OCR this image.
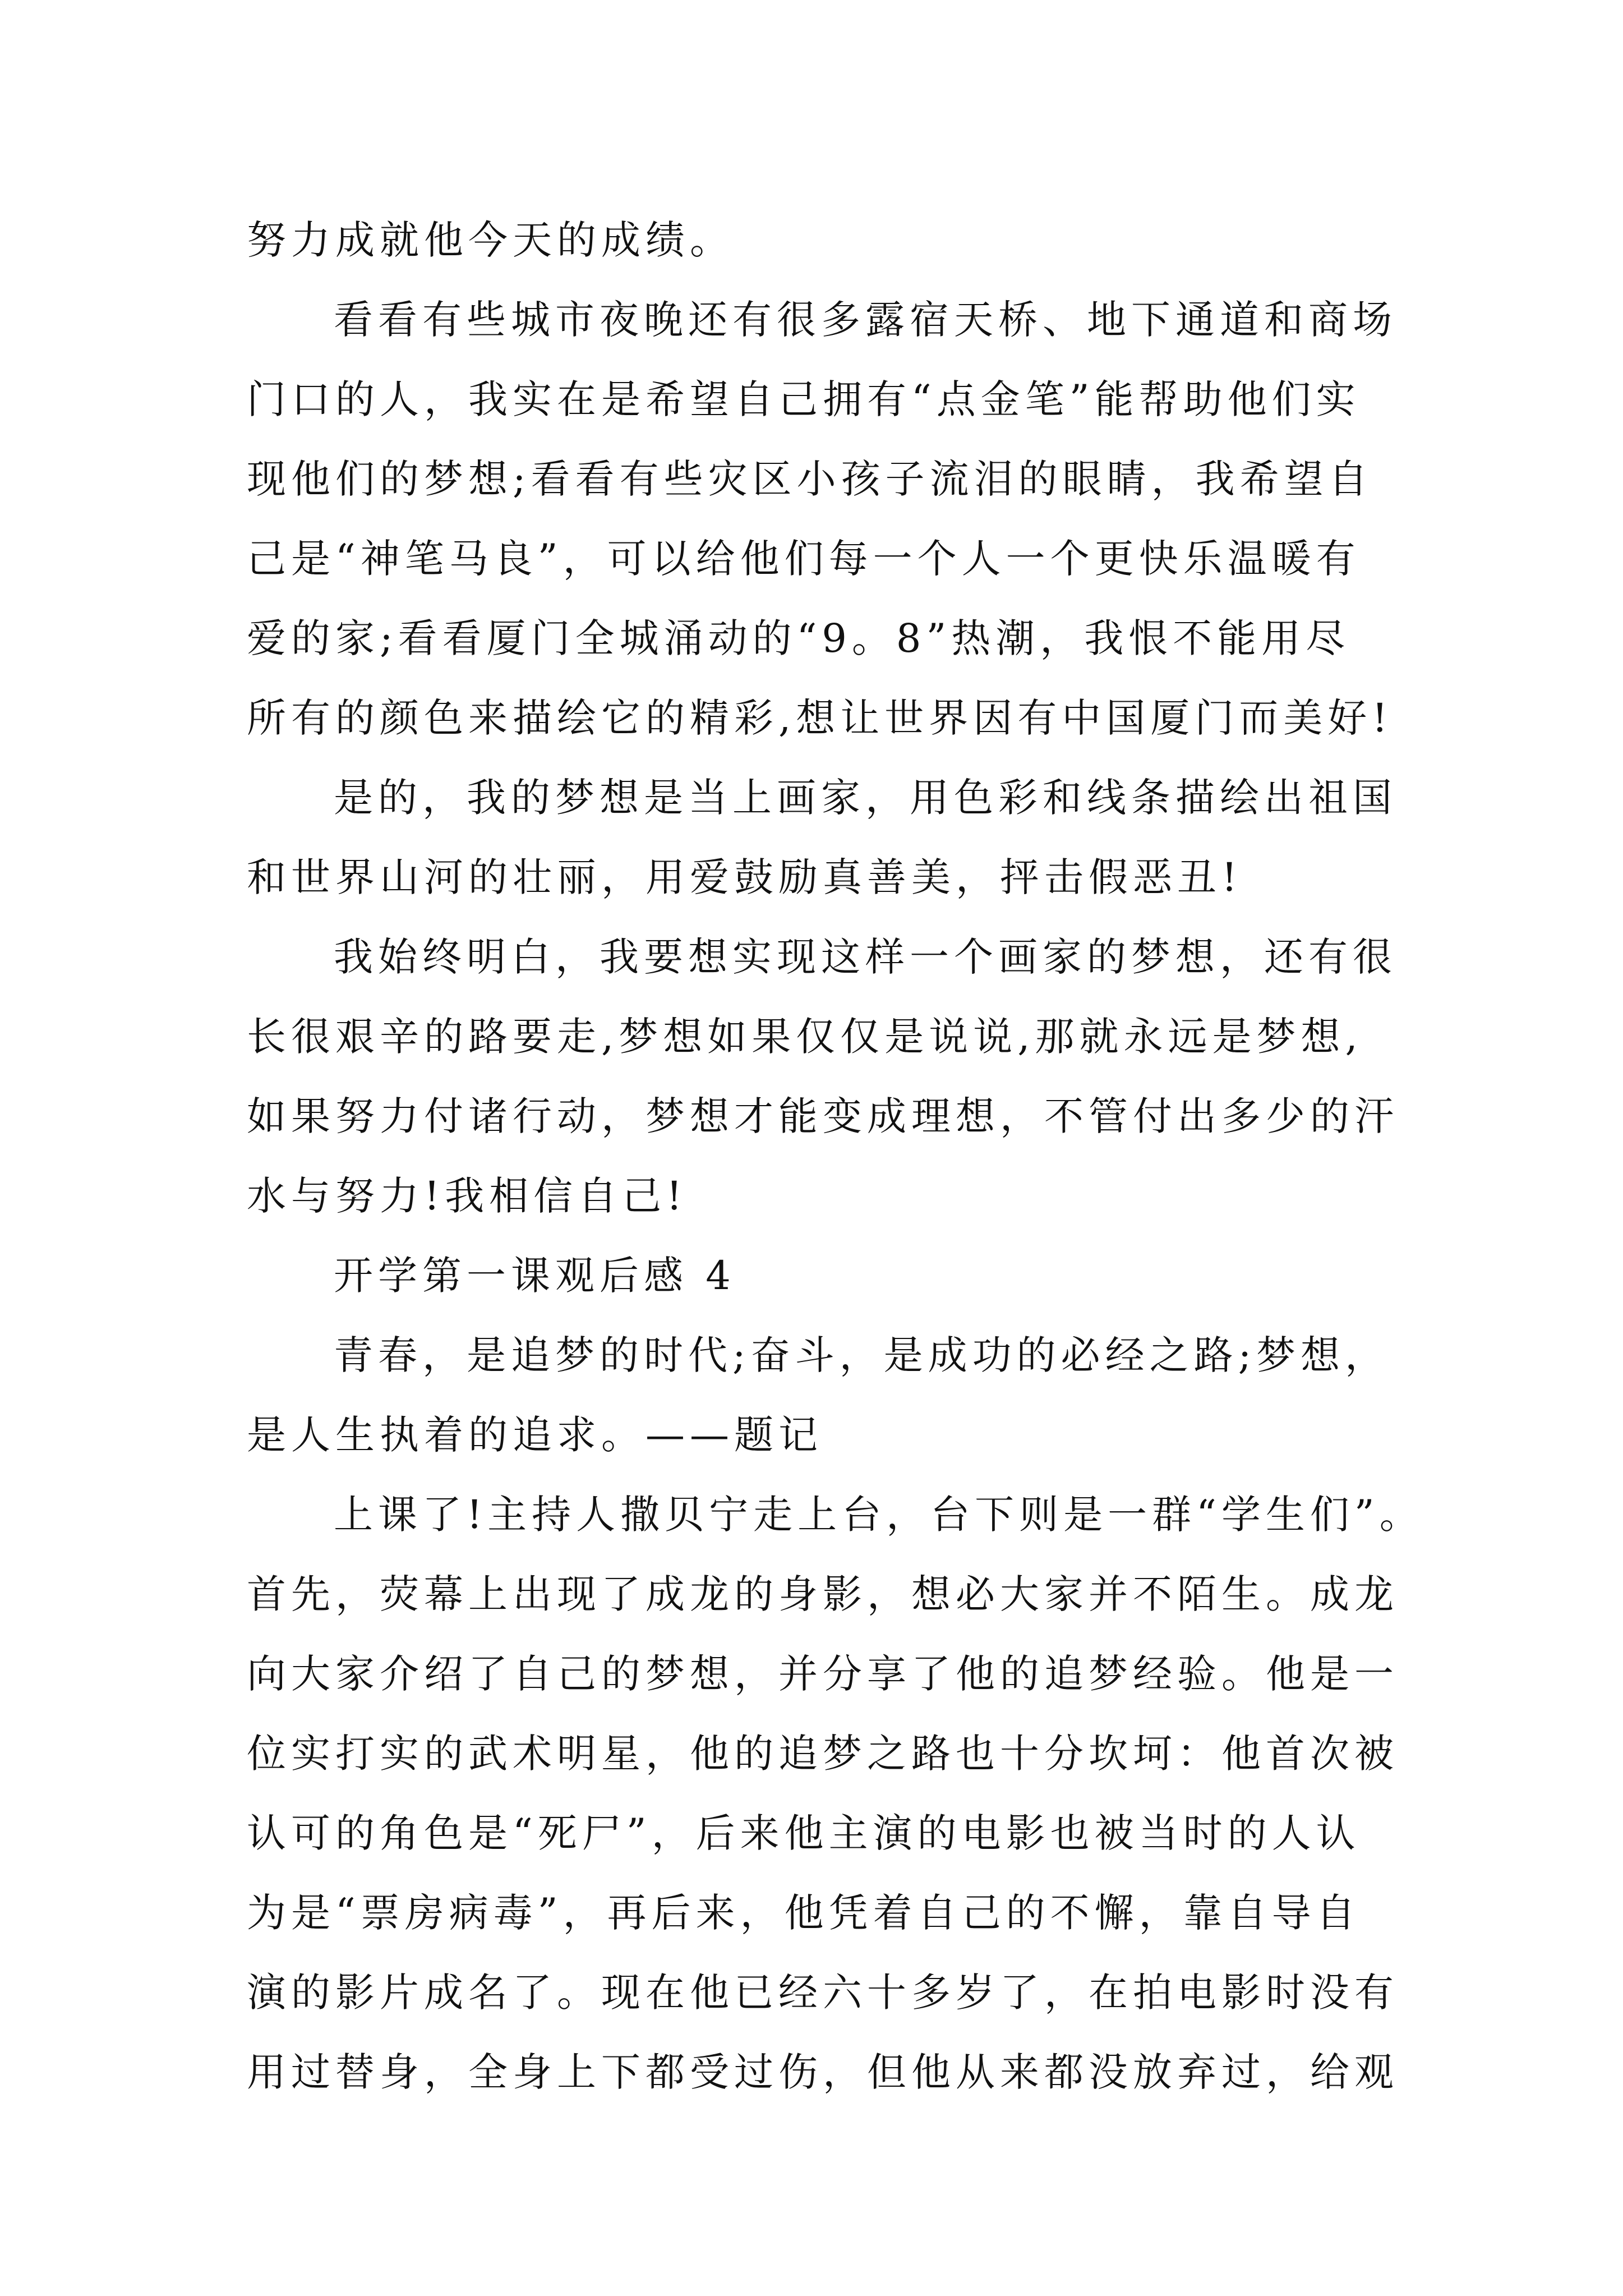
努力成就他今天的成绩。
看看有些城市夜晚还有很多露宿天桥、地下通道和商场
门口的人，我实在是希望自己拥有“点金笔”能帮助他们实
现他们的梦想;看看有些灾区小孩子流泪的眼睛，我希望自
己是“神笔马良”，可以给他们每一个人一个更快乐温暖有
爱的家;看看厦门全城涌动的“9。8”热潮，我恨不能用尽
所有的颜色来描绘它的精彩,想让世界因有中国厦门而美好!
是的，我的梦想是当上画家，用色彩和线条描绘出祖国
和世界山河的壮丽，用爱鼓励真善美，抨击假恶丑!
我始终明白，我要想实现这样一个画家的梦想，还有很
长很艰辛的路要走,梦想如果仅仅是说说,那就永远是梦想,
如果努力付诸行动，梦想才能变成理想，不管付出多少的汗
水与努力!我相信自己!
开学第一课观后感 4
青春，是追梦的时代;奋斗，是成功的必经之路;梦想，
是人生执着的追求。——题记
上课了!主持人撒贝宁走上台，台下则是一群“学生们”。
首先，荧幕上出现了成龙的身影，想必大家并不陌生。成龙
向大家介绍了自己的梦想，并分享了他的追梦经验。他是一
位实打实的武术明星，他的追梦之路也十分坎坷：他首次被
认可的角色是“死尸”，后来他主演的电影也被当时的人认
为是“票房病毒”，再后来，他凭着自己的不懈，靠自导自
演的影片成名了。现在他已经六十多岁了，在拍电影时没有
用过替身，全身上下都受过伤，但他从来都没放弃过，给观
